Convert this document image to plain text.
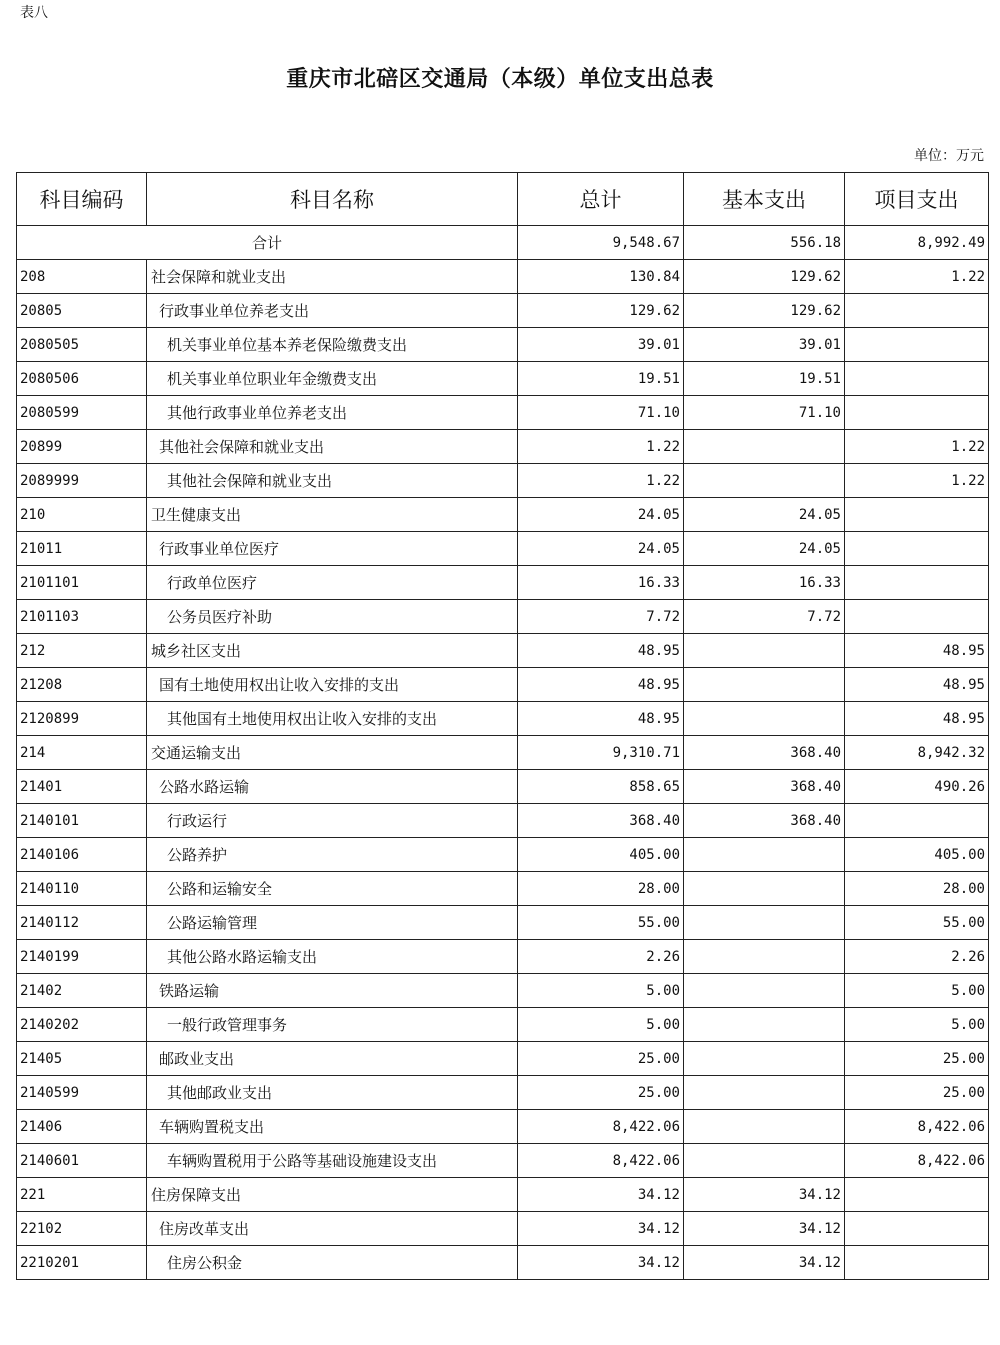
表八
重庆市北碚区交通局（本级）单位支出总表
单位：万元
科目编码	科目名称	总计	基本支出	项目支出
合计		9,548.67	556.18	8,992.49
208	社会保障和就业支出	130.84	129.62	1.22
20805	行政事业单位养老支出	129.62	129.62	
2080505	机关事业单位基本养老保险缴费支出	39.01	39.01	
2080506	机关事业单位职业年金缴费支出	19.51	19.51	
2080599	其他行政事业单位养老支出	71.10	71.10	
20899	其他社会保障和就业支出	1.22		1.22
2089999	其他社会保障和就业支出	1.22		1.22
210	卫生健康支出	24.05	24.05	
21011	行政事业单位医疗	24.05	24.05	
2101101	行政单位医疗	16.33	16.33	
2101103	公务员医疗补助	7.72	7.72	
212	城乡社区支出	48.95		48.95
21208	国有土地使用权出让收入安排的支出	48.95		48.95
2120899	其他国有土地使用权出让收入安排的支出	48.95		48.95
214	交通运输支出	9,310.71	368.40	8,942.32
21401	公路水路运输	858.65	368.40	490.26
2140101	行政运行	368.40	368.40	
2140106	公路养护	405.00		405.00
2140110	公路和运输安全	28.00		28.00
2140112	公路运输管理	55.00		55.00
2140199	其他公路水路运输支出	2.26		2.26
21402	铁路运输	5.00		5.00
2140202	一般行政管理事务	5.00		5.00
21405	邮政业支出	25.00		25.00
2140599	其他邮政业支出	25.00		25.00
21406	车辆购置税支出	8,422.06		8,422.06
2140601	车辆购置税用于公路等基础设施建设支出	8,422.06		8,422.06
221	住房保障支出	34.12	34.12	
22102	住房改革支出	34.12	34.12	
2210201	住房公积金	34.12	34.12	
